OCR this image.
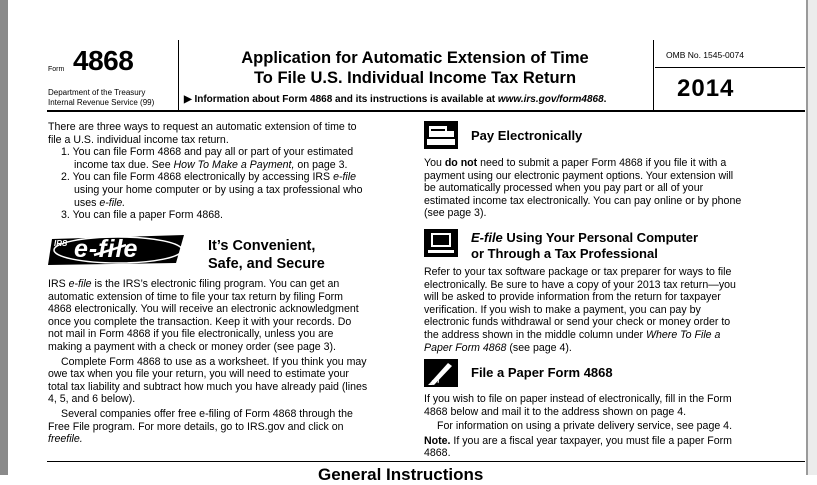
Form 4868
Department of the Treasury
Internal Revenue Service (99)
Application for Automatic Extension of Time
To File U.S. Individual Income Tax Return
▶ Information about Form 4868 and its instructions is available at www.irs.gov/form4868.
OMB No. 1545-0074
2014
There are three ways to request an automatic extension of time to
file a U.S. individual income tax return.
1. You can file Form 4868 and pay all or part of your estimated
income tax due. See How To Make a Payment, on page 3.
2. You can file Form 4868 electronically by accessing IRS e-file
using your home computer or by using a tax professional who
uses e-file.
3. You can file a paper Form 4868.
IRS e-file	It’s Convenient,
Safe, and Secure
IRS e-file is the IRS’s electronic filing program. You can get an
automatic extension of time to file your tax return by filing Form
4868 electronically. You will receive an electronic acknowledgment
once you complete the transaction. Keep it with your records. Do
not mail in Form 4868 if you file electronically, unless you are
making a payment with a check or money order (see page 3).
Complete Form 4868 to use as a worksheet. If you think you may
owe tax when you file your return, you will need to estimate your
total tax liability and subtract how much you have already paid (lines
4, 5, and 6 below).
Several companies offer free e-filing of Form 4868 through the
Free File program. For more details, go to IRS.gov and click on
freefile.
Pay Electronically
You do not need to submit a paper Form 4868 if you file it with a
payment using our electronic payment options. Your extension will
be automatically processed when you pay part or all of your
estimated income tax electronically. You can pay online or by phone
(see page 3).
E-file Using Your Personal Computer
or Through a Tax Professional
Refer to your tax software package or tax preparer for ways to file
electronically. Be sure to have a copy of your 2013 tax return—you
will be asked to provide information from the return for taxpayer
verification. If you wish to make a payment, you can pay by
electronic funds withdrawal or send your check or money order to
the address shown in the middle column under Where To File a
Paper Form 4868 (see page 4).
File a Paper Form 4868
If you wish to file on paper instead of electronically, fill in the Form
4868 below and mail it to the address shown on page 4.
For information on using a private delivery service, see page 4.
Note. If you are a fiscal year taxpayer, you must file a paper Form
4868.
General Instructions
